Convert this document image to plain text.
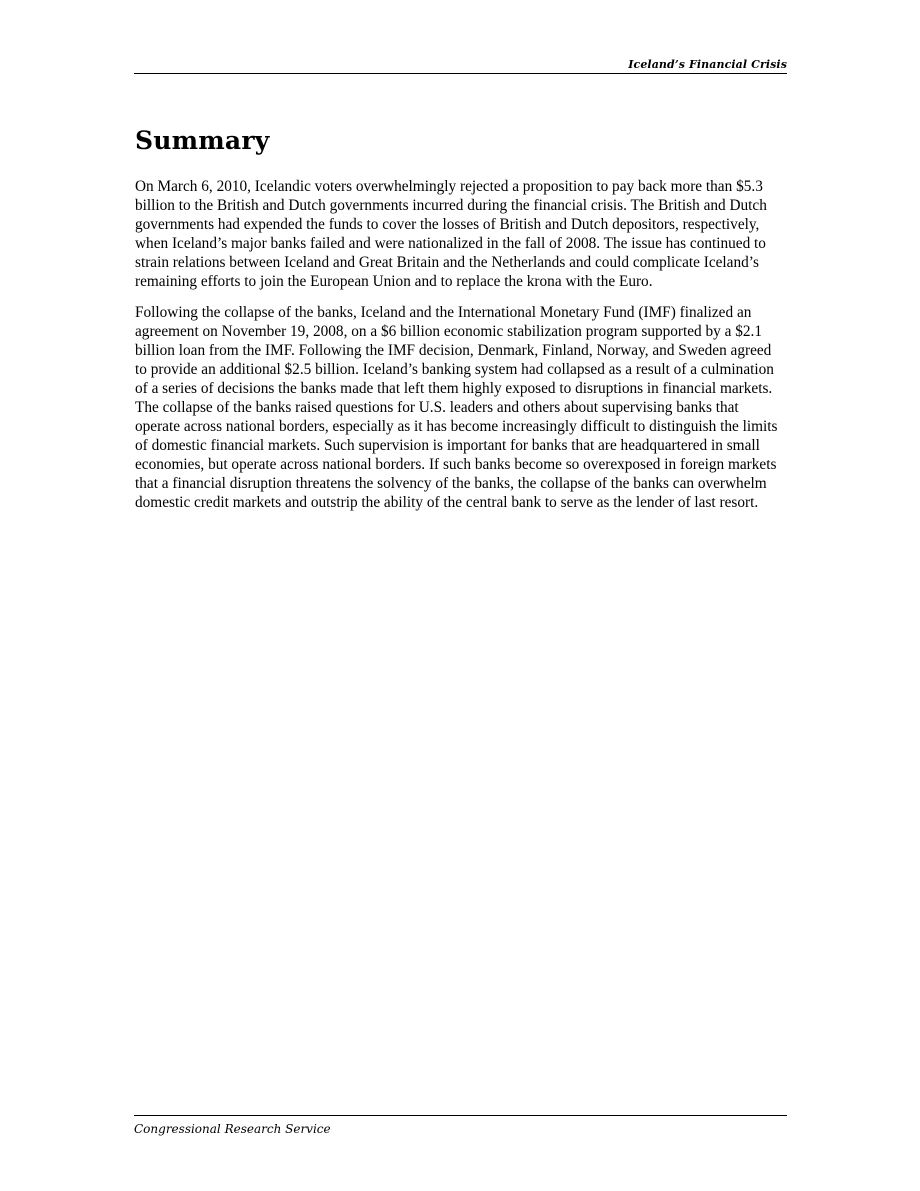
Iceland’s Financial Crisis
Summary

On March 6, 2010, Icelandic voters overwhelmingly rejected a proposition to pay back more than $5.3 billion to the British and Dutch governments incurred during the financial crisis. The British and Dutch governments had expended the funds to cover the losses of British and Dutch depositors, respectively, when Iceland’s major banks failed and were nationalized in the fall of 2008. The issue has continued to strain relations between Iceland and Great Britain and the Netherlands and could complicate Iceland’s remaining efforts to join the European Union and to replace the krona with the Euro.

Following the collapse of the banks, Iceland and the International Monetary Fund (IMF) finalized an agreement on November 19, 2008, on a $6 billion economic stabilization program supported by a $2.1 billion loan from the IMF. Following the IMF decision, Denmark, Finland, Norway, and Sweden agreed to provide an additional $2.5 billion. Iceland’s banking system had collapsed as a result of a culmination of a series of decisions the banks made that left them highly exposed to disruptions in financial markets. The collapse of the banks raised questions for U.S. leaders and others about supervising banks that operate across national borders, especially as it has become increasingly difficult to distinguish the limits of domestic financial markets. Such supervision is important for banks that are headquartered in small economies, but operate across national borders. If such banks become so overexposed in foreign markets that a financial disruption threatens the solvency of the banks, the collapse of the banks can overwhelm domestic credit markets and outstrip the ability of the central bank to serve as the lender of last resort.

Congressional Research Service
